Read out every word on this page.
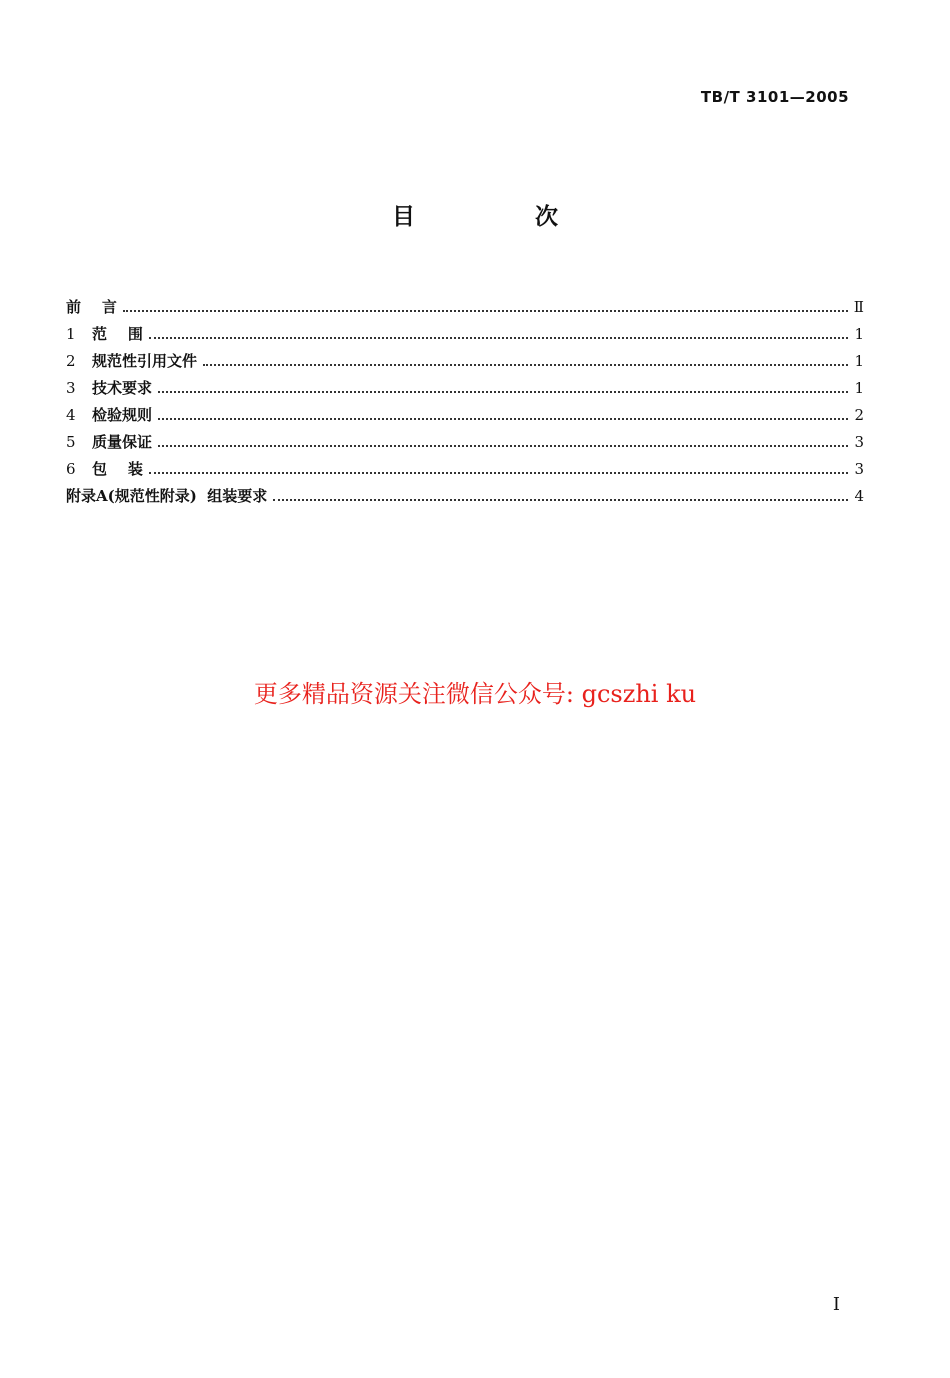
TB/T 3101—2005
目 次
前    言	Ⅱ
1 范    围	1
2 规范性引用文件	1
3 技术要求	1
4 检验规则	2
5 质量保证	3
6 包    装	3
附录A(规范性附录)  组装要求	4
更多精品资源关注微信公众号: gcszhi ku
I
